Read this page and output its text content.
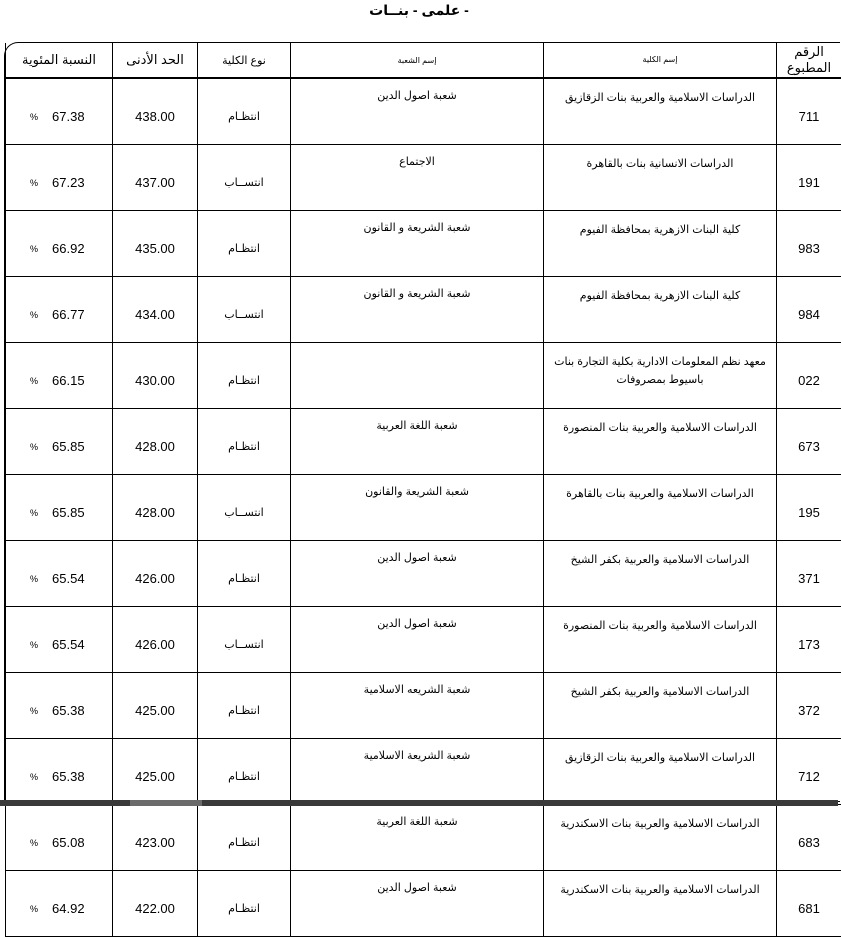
- علمى - بنــات
الرقم المطبوع	إسم الكلية	إسم الشعبة	نوع الكلية	الحد الأدنى	النسبة المئوية
711	الدراسات الاسلامية والعربية بنات الزقازيق	شعبة اصول الدين	انتظـام	438.00	% 67.38

191	الدراسات الانسانية بنات بالقاهرة	الاجتماع	انتســاب	437.00	% 67.23

983	كلية البنات الازهرية بمحافظة الفيوم	شعبة الشريعة و القانون	انتظـام	435.00	% 66.92

984	كلية البنات الازهرية بمحافظة الفيوم	شعبة الشريعة و القانون	انتســاب	434.00	% 66.77

022	معهد نظم المعلومات الادارية بكلية التجارة بنات باسيوط بمصروفات		انتظـام	430.00	% 66.15

673	الدراسات الاسلامية والعربية بنات المنصورة	شعبة اللغة العربية	انتظـام	428.00	% 65.85

195	الدراسات الاسلامية والعربية بنات بالقاهرة	شعبة الشريعة والقانون	انتســاب	428.00	% 65.85

371	الدراسات الاسلامية والعربية بكفر الشيخ	شعبة اصول الدين	انتظـام	426.00	% 65.54

173	الدراسات الاسلامية والعربية بنات المنصورة	شعبة اصول الدين	انتســاب	426.00	% 65.54

372	الدراسات الاسلامية والعربية بكفر الشيخ	شعبة الشريعه الاسلامية	انتظـام	425.00	% 65.38

712	الدراسات الاسلامية والعربية بنات الزقازيق	شعبة الشريعة الاسلامية	انتظـام	425.00	% 65.38

683	الدراسات الاسلامية والعربية بنات الاسكندرية	شعبة اللغة العربية	انتظـام	423.00	% 65.08

681	الدراسات الاسلامية والعربية بنات الاسكندرية	شعبة اصول الدين	انتظـام	422.00	% 64.92
